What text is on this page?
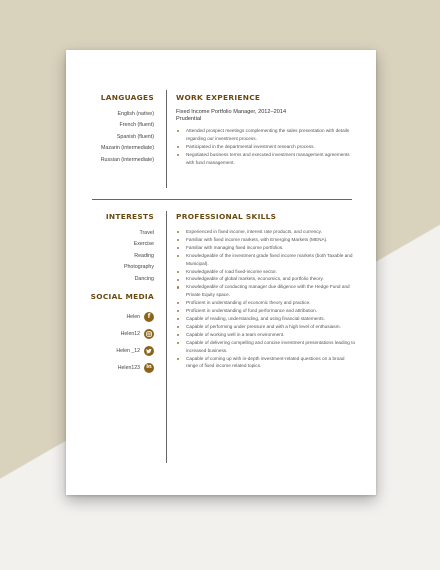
LANGUAGES
English (native)
French (fluent)
Spanish (fluent)
Mazarin (intermediate)
Russian (intermediate)
WORK EXPERIENCE
Fixed Income Portfolio Manager, 2012–2014
Prudential
Attended prospect meetings complementing the sales presentation with details regarding our investment process.
Participated in the departmental investment research process.
Negotiated business terms and executed investment management agreements with fund management.
INTERESTS
Travel
Exercise
Reading
Photography
Dancing
SOCIAL MEDIA
Helen	f
Helen12
Helen _12
Helen123	in
PROFESSIONAL SKILLS
Experienced in fixed income, interest rate products, and currency.
Familiar with fixed income markets, with Emerging Markets (MENA).
Familiar with managing fixed income portfolios.
Knowledgeable of the investment grade fixed income markets (both Taxable and Municipal).
Knowledgeable of road fixed-income sector.
Knowledgeable of global markets, economics, and portfolio theory.
Knowledgeable of conducting manager due diligence with the Hedge Fund and Private Equity space.
Proficient in understanding of economic theory and practice.
Proficient in understanding of fund performance and attribution.
Capable of reading, understanding, and using financial statements.
Capable of performing under pressure and with a high level of enthusiasm.
Capable of working well in a team environment.
Capable of delivering compelling and concise investment presentations leading to increased business.
Capable of coming up with in-depth investment-related questions on a broad range of fixed income related topics.
